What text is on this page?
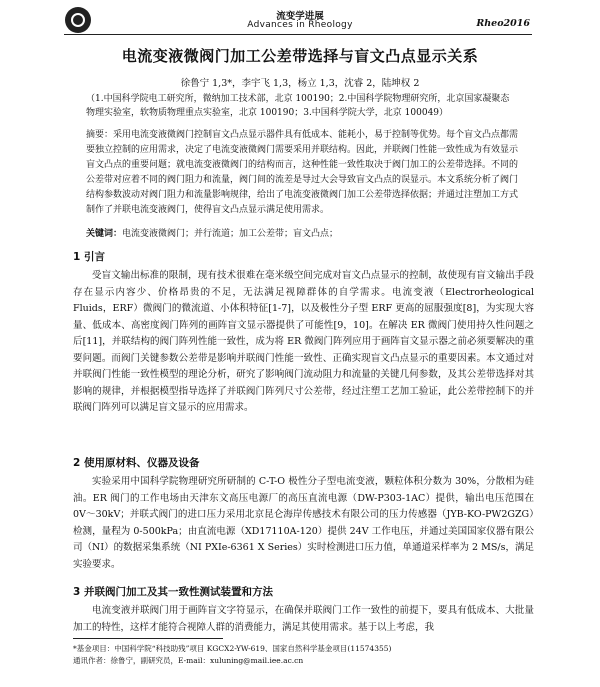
流变学进展
Advances in Rheology	Rheo2016
电流变液微阀门加工公差带选择与盲文凸点显示关系
徐鲁宁 1,3*，李宇飞 1,3，杨立 1,3，沈睿 2，陆坤权 2
（1.中国科学院电工研究所，微纳加工技术部，北京 100190；2.中国科学院物理研究所，北京国家凝聚态物理实验室，软物质物理重点实验室，北京 100190；3.中国科学院大学，北京 100049）
摘要：采用电流变液微阀门控制盲文凸点显示器件具有低成本、能耗小，易于控制等优势。每个盲文凸点都需要独立控制的应用需求，决定了电流变液微阀门需要采用并联结构。因此，并联阀门性能一致性成为有效显示盲文凸点的重要问题；就电流变液微阀门的结构而言，这种性能一致性取决于阀门加工的公差带选择。不同的公差带对应着不同的阀门阻力和流量，阀门间的流差是导过大会导致盲文凸点的误显示。本文系统分析了阀门结构参数波动对阀门阻力和流量影响规律，给出了电流变液微阀门加工公差带选择依据；并通过注塑加工方式制作了并联电流变液阀门，使得盲文凸点显示满足使用需求。
关键词：电流变液微阀门；并行流道；加工公差带；盲文凸点；
1 引言
受盲文输出标准的限制，现有技术很难在毫米级空间完成对盲文凸点显示的控制，故使现有盲文输出手段存在显示内容少、价格昂贵的不足，无法满足视障群体的自学需求。电流变液（Electrorheological Fluids，ERF）微阀门的微流道、小体积特征[1-7]，以及极性分子型 ERF 更高的屈服强度[8]，为实现大容量、低成本、高密度阀门阵列的画阵盲文显示器提供了可能性[9，10]。在解决 ER 微阀门使用持久性问题之后[11]，并联结构的阀门阵列性能一致性，成为将 ER 微阀门阵列应用于画阵盲文显示器之前必须要解决的重要问题。而阀门关键参数公差带是影响并联阀门性能一致性、正确实现盲文凸点显示的重要因素。本文通过对并联阀门性能一致性模型的理论分析，研究了影响阀门流动阻力和流量的关键几何参数，及其公差带选择对其影响的规律，并根据模型指导选择了并联阀门阵列尺寸公差带，经过注塑工艺加工验证，此公差带控制下的并联阀门阵列可以满足盲文显示的应用需求。
2 使用原材料、仪器及设备
实验采用中国科学院物理研究所研制的 C-T-O 极性分子型电流变液，颗粒体积分数为 30%，分散相为硅油。ER 阀门的工作电场由天津东文高压电源厂的高压直流电源（DW-P303-1AC）提供，输出电压范围在 0V～30kV；并联式阀门的进口压力采用北京昆仑海岸传感技术有限公司的压力传感器（JYB-KO-PW2GZG）检测，量程为 0-500kPa；由直流电源（XD17110A-120）提供 24V 工作电压，并通过美国国家仪器有限公司（NI）的数据采集系统（NI PXIe-6361 X Series）实时检测进口压力值，单通道采样率为 2 MS/s，满足实验要求。
3 并联阀门加工及其一致性测试装置和方法
电流变液并联阀门用于画阵盲文字符显示，在确保并联阀门工作一致性的前提下，要具有低成本、大批量加工的特性，这样才能符合视障人群的消费能力，满足其使用需求。基于以上考虑，我
*基金项目：中国科学院“科技助残”项目 KGCX2-YW-619、国家自然科学基金项目(11574355)
通讯作者：徐鲁宁，副研究员，E-mail：xuluning@mail.iee.ac.cn
